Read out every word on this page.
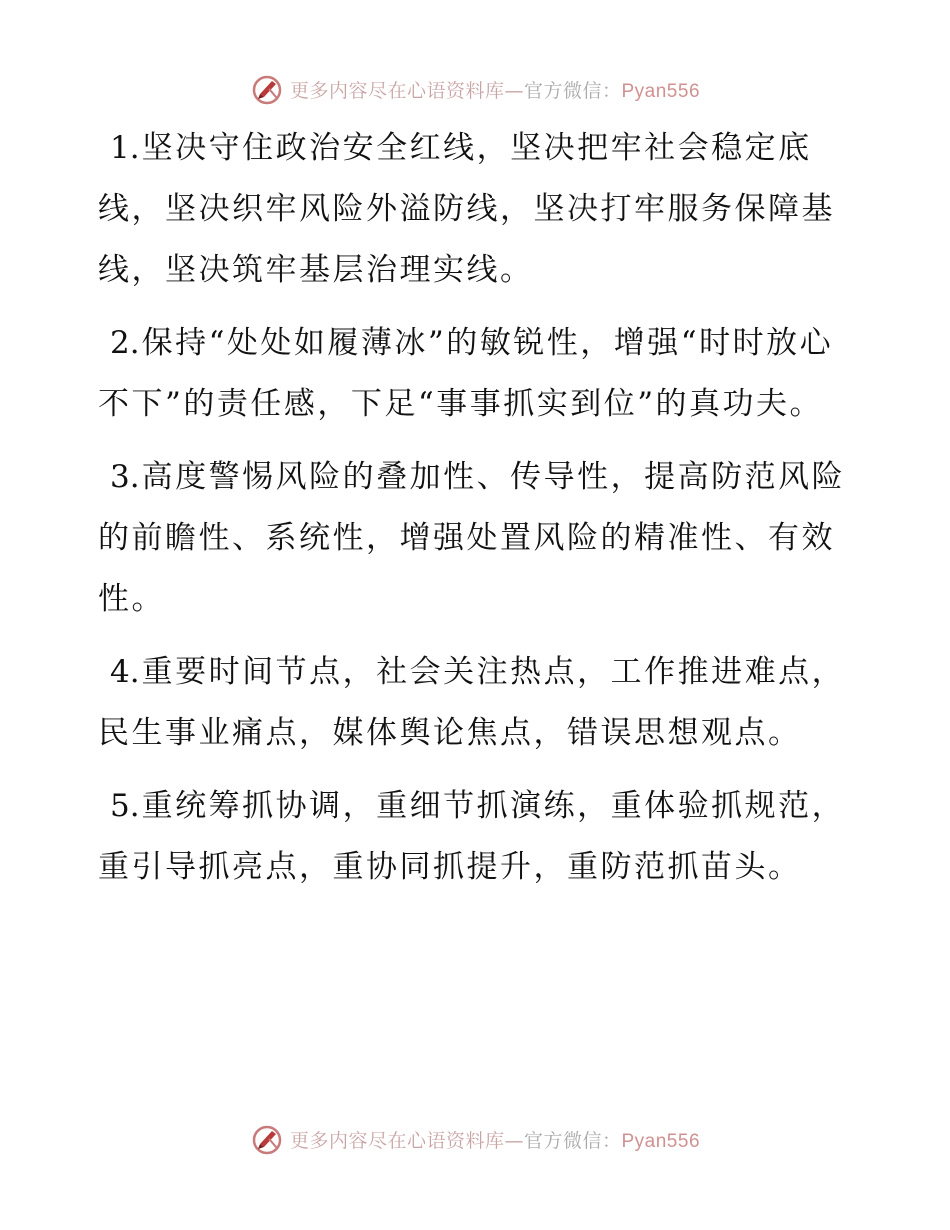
更多内容尽在心语资料库—官方微信：Pyan556

1.坚决守住政治安全红线，坚决把牢社会稳定底线，坚决织牢风险外溢防线，坚决打牢服务保障基线，坚决筑牢基层治理实线。

2.保持“处处如履薄冰”的敏锐性，增强“时时放心不下”的责任感，下足“事事抓实到位”的真功夫。

3.高度警惕风险的叠加性、传导性，提高防范风险的前瞻性、系统性，增强处置风险的精准性、有效性。

4.重要时间节点，社会关注热点，工作推进难点，民生事业痛点，媒体舆论焦点，错误思想观点。

5.重统筹抓协调，重细节抓演练，重体验抓规范，重引导抓亮点，重协同抓提升，重防范抓苗头。

更多内容尽在心语资料库—官方微信：Pyan556
